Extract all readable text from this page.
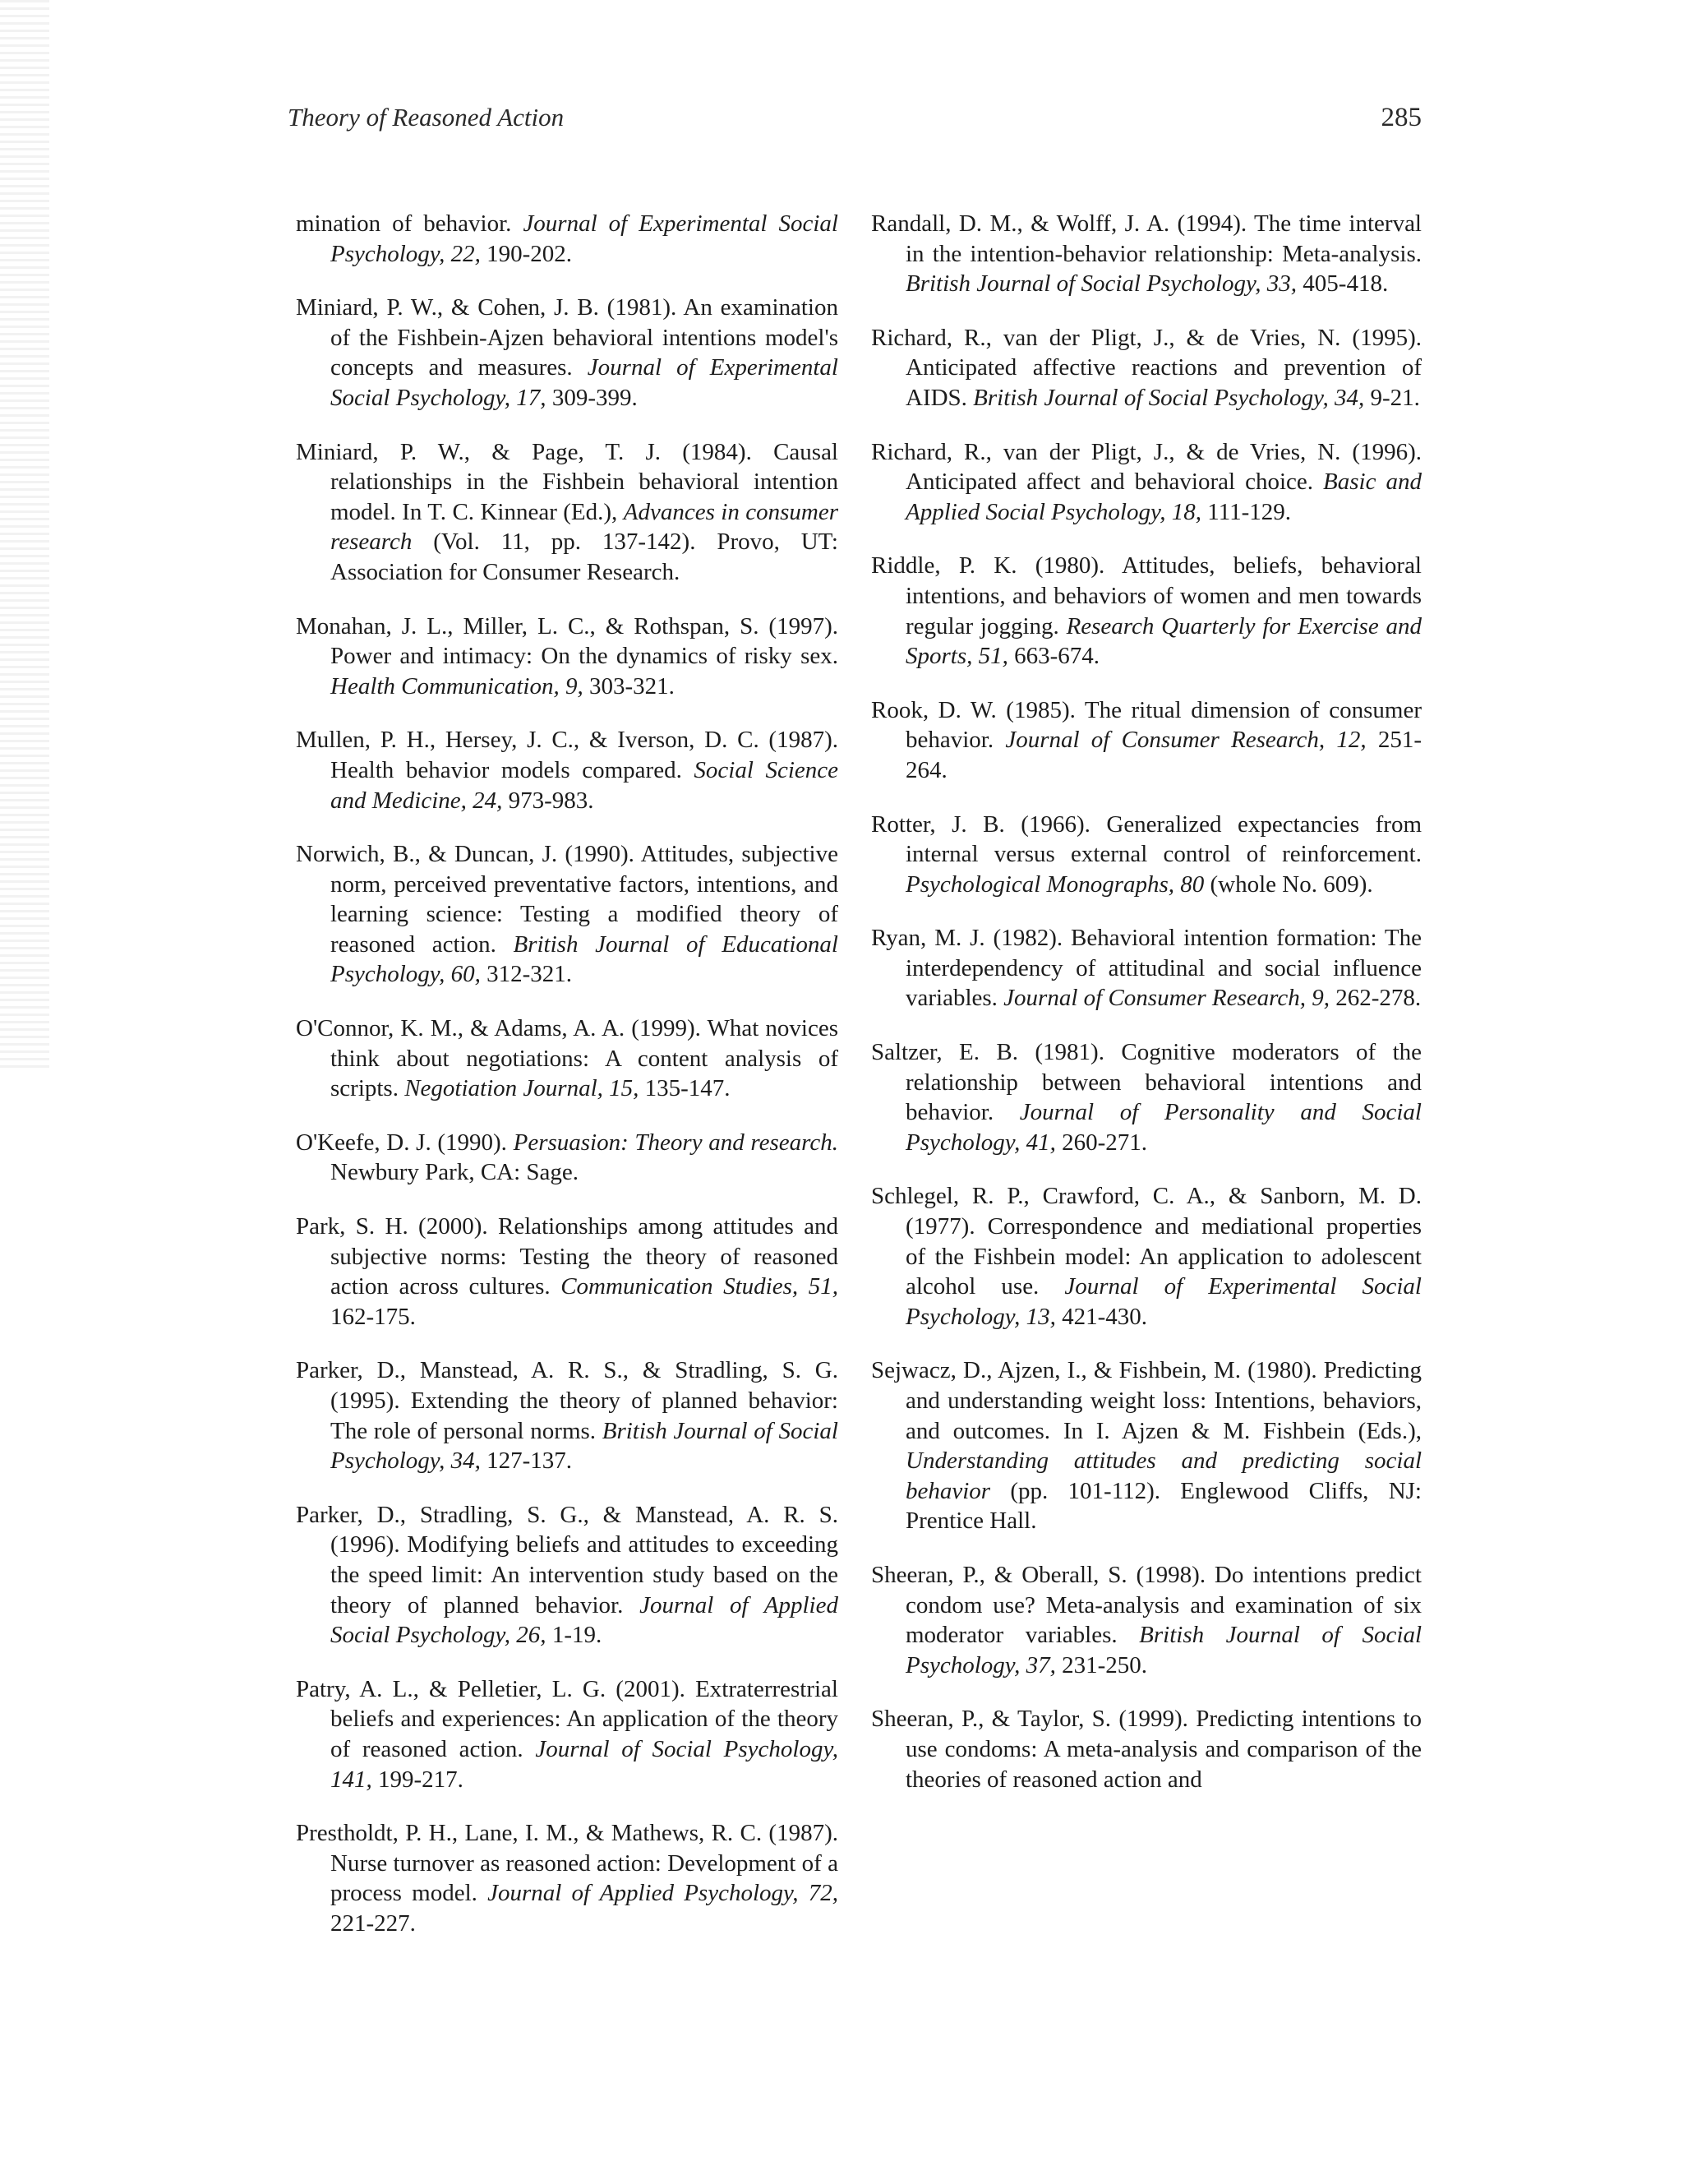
Theory of Reasoned Action	285

mination of behavior. Journal of Experimental Social Psychology, 22, 190-202.

Miniard, P. W., & Cohen, J. B. (1981). An examination of the Fishbein-Ajzen behavioral intentions model's concepts and measures. Journal of Experimental Social Psychology, 17, 309-399.

Miniard, P. W., & Page, T. J. (1984). Causal relationships in the Fishbein behavioral intention model. In T. C. Kinnear (Ed.), Advances in consumer research (Vol. 11, pp. 137-142). Provo, UT: Association for Consumer Research.

Monahan, J. L., Miller, L. C., & Rothspan, S. (1997). Power and intimacy: On the dynamics of risky sex. Health Communication, 9, 303-321.

Mullen, P. H., Hersey, J. C., & Iverson, D. C. (1987). Health behavior models compared. Social Science and Medicine, 24, 973-983.

Norwich, B., & Duncan, J. (1990). Attitudes, subjective norm, perceived preventative factors, intentions, and learning science: Testing a modified theory of reasoned action. British Journal of Educational Psychology, 60, 312-321.

O'Connor, K. M., & Adams, A. A. (1999). What novices think about negotiations: A content analysis of scripts. Negotiation Journal, 15, 135-147.

O'Keefe, D. J. (1990). Persuasion: Theory and research. Newbury Park, CA: Sage.

Park, S. H. (2000). Relationships among attitudes and subjective norms: Testing the theory of reasoned action across cultures. Communication Studies, 51, 162-175.

Parker, D., Manstead, A. R. S., & Stradling, S. G. (1995). Extending the theory of planned behavior: The role of personal norms. British Journal of Social Psychology, 34, 127-137.

Parker, D., Stradling, S. G., & Manstead, A. R. S. (1996). Modifying beliefs and attitudes to exceeding the speed limit: An intervention study based on the theory of planned behavior. Journal of Applied Social Psychology, 26, 1-19.

Patry, A. L., & Pelletier, L. G. (2001). Extraterrestrial beliefs and experiences: An application of the theory of reasoned action. Journal of Social Psychology, 141, 199-217.

Prestholdt, P. H., Lane, I. M., & Mathews, R. C. (1987). Nurse turnover as reasoned action: Development of a process model. Journal of Applied Psychology, 72, 221-227.

Randall, D. M., & Wolff, J. A. (1994). The time interval in the intention-behavior relationship: Meta-analysis. British Journal of Social Psychology, 33, 405-418.

Richard, R., van der Pligt, J., & de Vries, N. (1995). Anticipated affective reactions and prevention of AIDS. British Journal of Social Psychology, 34, 9-21.

Richard, R., van der Pligt, J., & de Vries, N. (1996). Anticipated affect and behavioral choice. Basic and Applied Social Psychology, 18, 111-129.

Riddle, P. K. (1980). Attitudes, beliefs, behavioral intentions, and behaviors of women and men towards regular jogging. Research Quarterly for Exercise and Sports, 51, 663-674.

Rook, D. W. (1985). The ritual dimension of consumer behavior. Journal of Consumer Research, 12, 251-264.

Rotter, J. B. (1966). Generalized expectancies from internal versus external control of reinforcement. Psychological Monographs, 80 (whole No. 609).

Ryan, M. J. (1982). Behavioral intention formation: The interdependency of attitudinal and social influence variables. Journal of Consumer Research, 9, 262-278.

Saltzer, E. B. (1981). Cognitive moderators of the relationship between behavioral intentions and behavior. Journal of Personality and Social Psychology, 41, 260-271.

Schlegel, R. P., Crawford, C. A., & Sanborn, M. D. (1977). Correspondence and mediational properties of the Fishbein model: An application to adolescent alcohol use. Journal of Experimental Social Psychology, 13, 421-430.

Sejwacz, D., Ajzen, I., & Fishbein, M. (1980). Predicting and understanding weight loss: Intentions, behaviors, and outcomes. In I. Ajzen & M. Fishbein (Eds.), Understanding attitudes and predicting social behavior (pp. 101-112). Englewood Cliffs, NJ: Prentice Hall.

Sheeran, P., & Oberall, S. (1998). Do intentions predict condom use? Meta-analysis and examination of six moderator variables. British Journal of Social Psychology, 37, 231-250.

Sheeran, P., & Taylor, S. (1999). Predicting intentions to use condoms: A meta-analysis and comparison of the theories of reasoned action and
